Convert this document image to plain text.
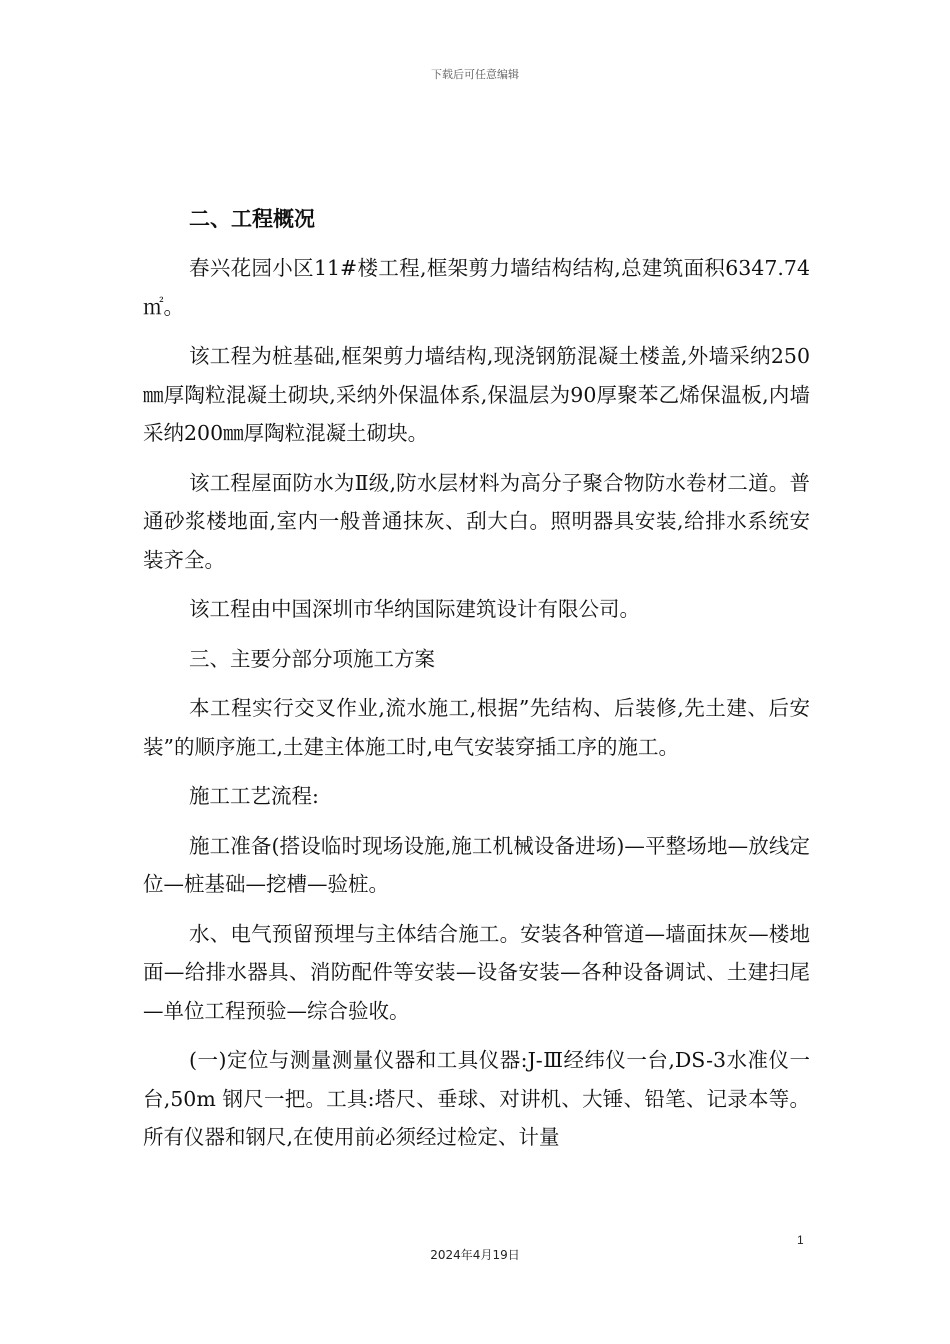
下载后可任意编辑
二、工程概况

春兴花园小区11#楼工程,框架剪力墙结构结构,总建筑面积6347.74㎡。

该工程为桩基础,框架剪力墙结构,现浇钢筋混凝土楼盖,外墙采纳250㎜厚陶粒混凝土砌块,采纳外保温体系,保温层为90厚聚苯乙烯保温板,内墙采纳200㎜厚陶粒混凝土砌块。

该工程屋面防水为Ⅱ级,防水层材料为高分子聚合物防水卷材二道。普通砂浆楼地面,室内一般普通抹灰、刮大白。照明器具安装,给排水系统安装齐全。

该工程由中国深圳市华纳国际建筑设计有限公司。

三、主要分部分项施工方案

本工程实行交叉作业,流水施工,根据”先结构、后装修,先土建、后安装”的顺序施工,土建主体施工时,电气安装穿插工序的施工。

施工工艺流程:

施工准备(搭设临时现场设施,施工机械设备进场)—平整场地—放线定位—桩基础—挖槽—验桩。

水、电气预留预埋与主体结合施工。安装各种管道—墙面抹灰—楼地面—给排水器具、消防配件等安装—设备安装—各种设备调试、土建扫尾—单位工程预验—综合验收。

(一)定位与测量测量仪器和工具仪器:J-Ⅲ经纬仪一台,DS-3水准仪一台,50m 钢尺一把。工具:塔尺、垂球、对讲机、大锤、铅笔、记录本等。所有仪器和钢尺,在使用前必须经过检定、计量

1
2024年4月19日
